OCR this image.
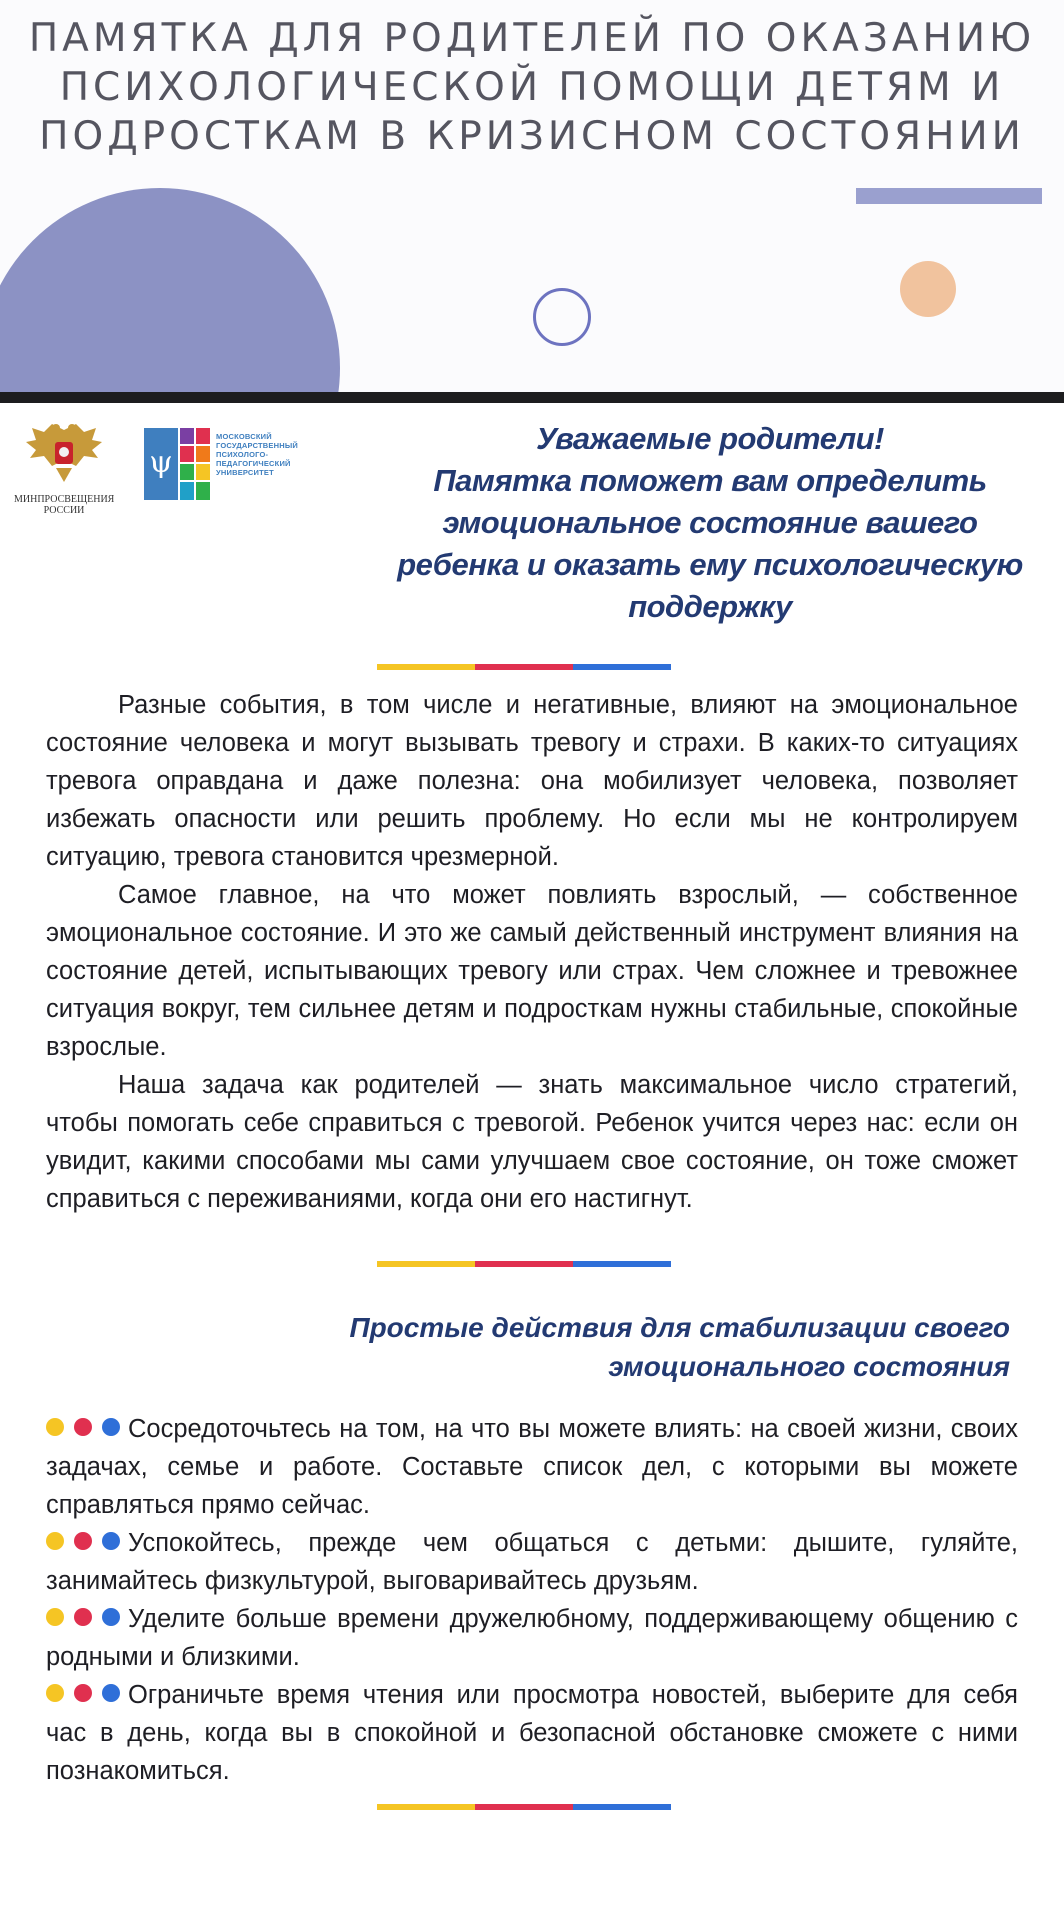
ПАМЯТКА ДЛЯ РОДИТЕЛЕЙ ПО ОКАЗАНИЮ
ПСИХОЛОГИЧЕСКОЙ ПОМОЩИ ДЕТЯМ И
ПОДРОСТКАМ В КРИЗИСНОМ СОСТОЯНИИ
МИНПРОСВЕЩЕНИЯ
РОССИИ
ψ
МОСКОВСКИЙ
ГОСУДАРСТВЕННЫЙ
ПСИХОЛОГО-
ПЕДАГОГИЧЕСКИЙ
УНИВЕРСИТЕТ
Уважаемые родители!
Памятка поможет вам определить
эмоциональное состояние вашего
ребенка и оказать ему психологическую
поддержку

Разные события, в том числе и негативные, влияют на эмоциональное состояние человека и могут вызывать тревогу и страхи. В каких-то ситуациях тревога оправдана и даже полезна: она мобилизует человека, позволяет избежать опасности или решить проблему. Но если мы не контролируем ситуацию, тревога становится чрезмерной.

Самое главное, на что может повлиять взрослый, — собственное эмоциональное состояние. И это же самый действенный инструмент влияния на состояние детей, испытывающих тревогу или страх. Чем сложнее и тревожнее ситуация вокруг, тем сильнее детям и подросткам нужны стабильные, спокойные взрослые.

Наша задача как родителей — знать максимальное число стратегий, чтобы помогать себе справиться с тревогой. Ребенок учится через нас: если он увидит, какими способами мы сами улучшаем свое состояние, он тоже сможет справиться с переживаниями, когда они его настигнут.

Простые действия для стабилизации своего
эмоционального состояния
Сосредоточьтесь на том, на что вы можете влиять: на своей жизни, своих задачах, семье и работе. Составьте список дел, с которыми вы можете справляться прямо сейчас.
Успокойтесь, прежде чем общаться с детьми: дышите, гуляйте, занимайтесь физкультурой, выговаривайтесь друзьям.
Уделите больше времени дружелюбному, поддерживающему общению с родными и близкими.
Ограничьте время чтения или просмотра новостей, выберите для себя час в день, когда вы в спокойной и безопасной обстановке сможете с ними познакомиться.
